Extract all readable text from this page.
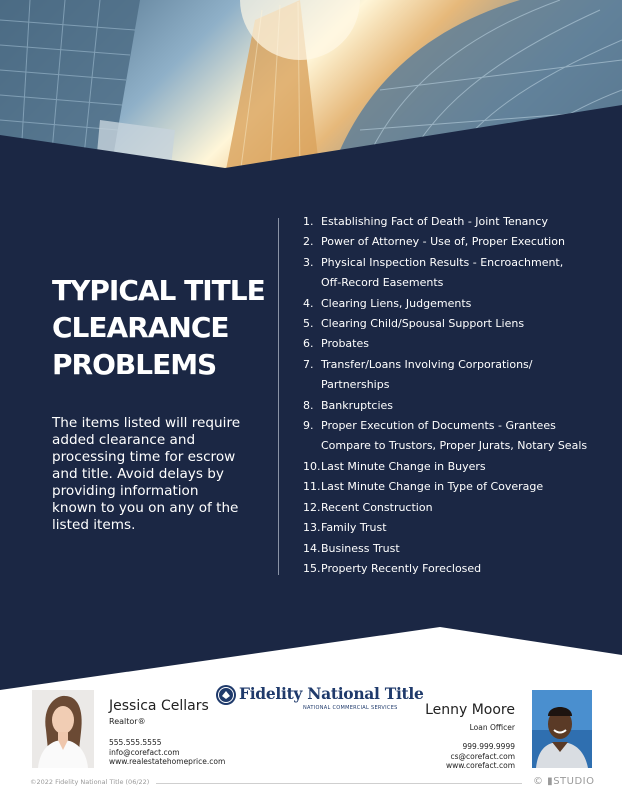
TYPICAL TITLE
CLEARANCE
PROBLEMS

The items listed will require added clearance and processing time for escrow and title. Avoid delays by providing information known to you on any of the listed items.

1. Establishing Fact of Death - Joint Tenancy
2. Power of Attorney - Use of, Proper Execution
3. Physical Inspection Results - Encroachment,
Off-Record Easements
4. Clearing Liens, Judgements
5. Clearing Child/Spousal Support Liens
6. Probates
7. Transfer/Loans Involving Corporations/
Partnerships
8. Bankruptcies
9. Proper Execution of Documents - Grantees
Compare to Trustors, Proper Jurats, Notary Seals
10. Last Minute Change in Buyers
11. Last Minute Change in Type of Coverage
12. Recent Construction
13. Family Trust
14. Business Trust
15. Property Recently Foreclosed

Jessica Cellars

Realtor®
555.555.5555
info@corefact.com
www.realestatehomeprice.com
Fidelity National Title
NATIONAL COMMERCIAL SERVICES Lenny Moore

Loan Officer
999.999.9999
cs@corefact.com
www.corefact.com
©2022 Fidelity National Title (06/22)	© ▮STUDIO
